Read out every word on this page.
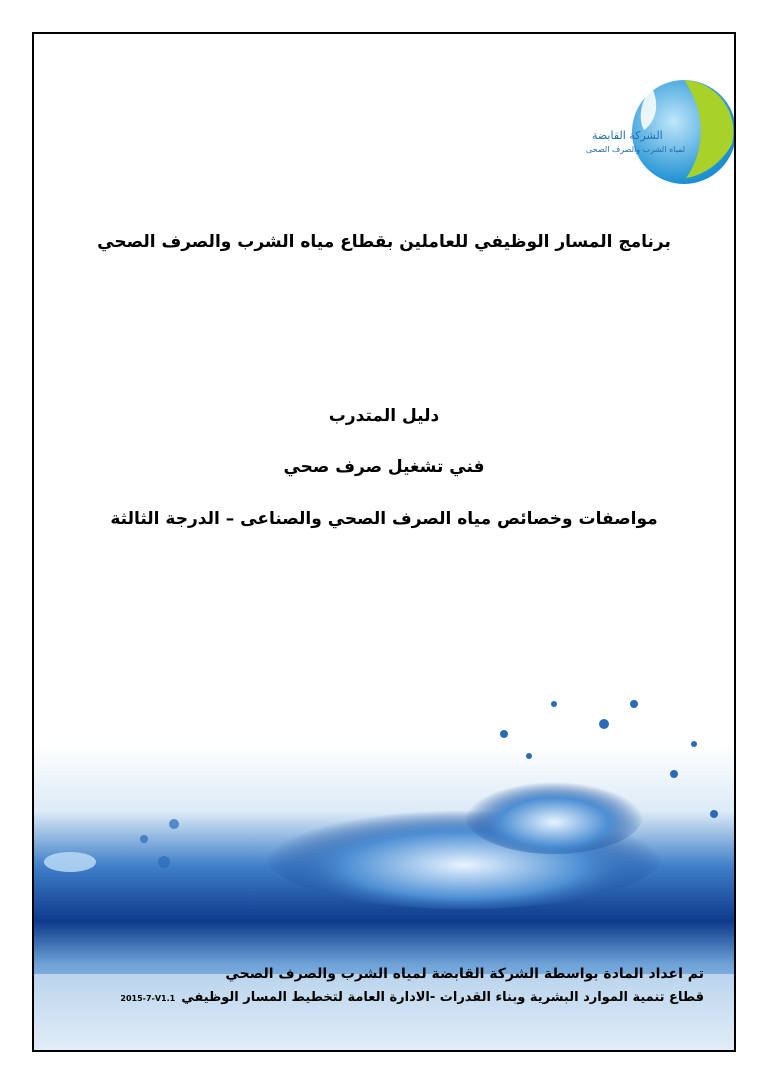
الشركة القابضة
لمياه الشرب والصرف الصحى
برنامج المسار الوظيفي للعاملين بقطاع مياه الشرب والصرف الصحي
دليل المتدرب
فني تشغيل صرف صحي
مواصفات وخصائص مياه الصرف الصحي والصناعى – الدرجة الثالثة
تم اعداد المادة بواسطة الشركة القابضة لمياه الشرب والصرف الصحي
قطاع تنمية الموارد البشرية وبناء القدرات -الادارة العامة لتخطيط المسار الوظيفي2015-7-V1.1
